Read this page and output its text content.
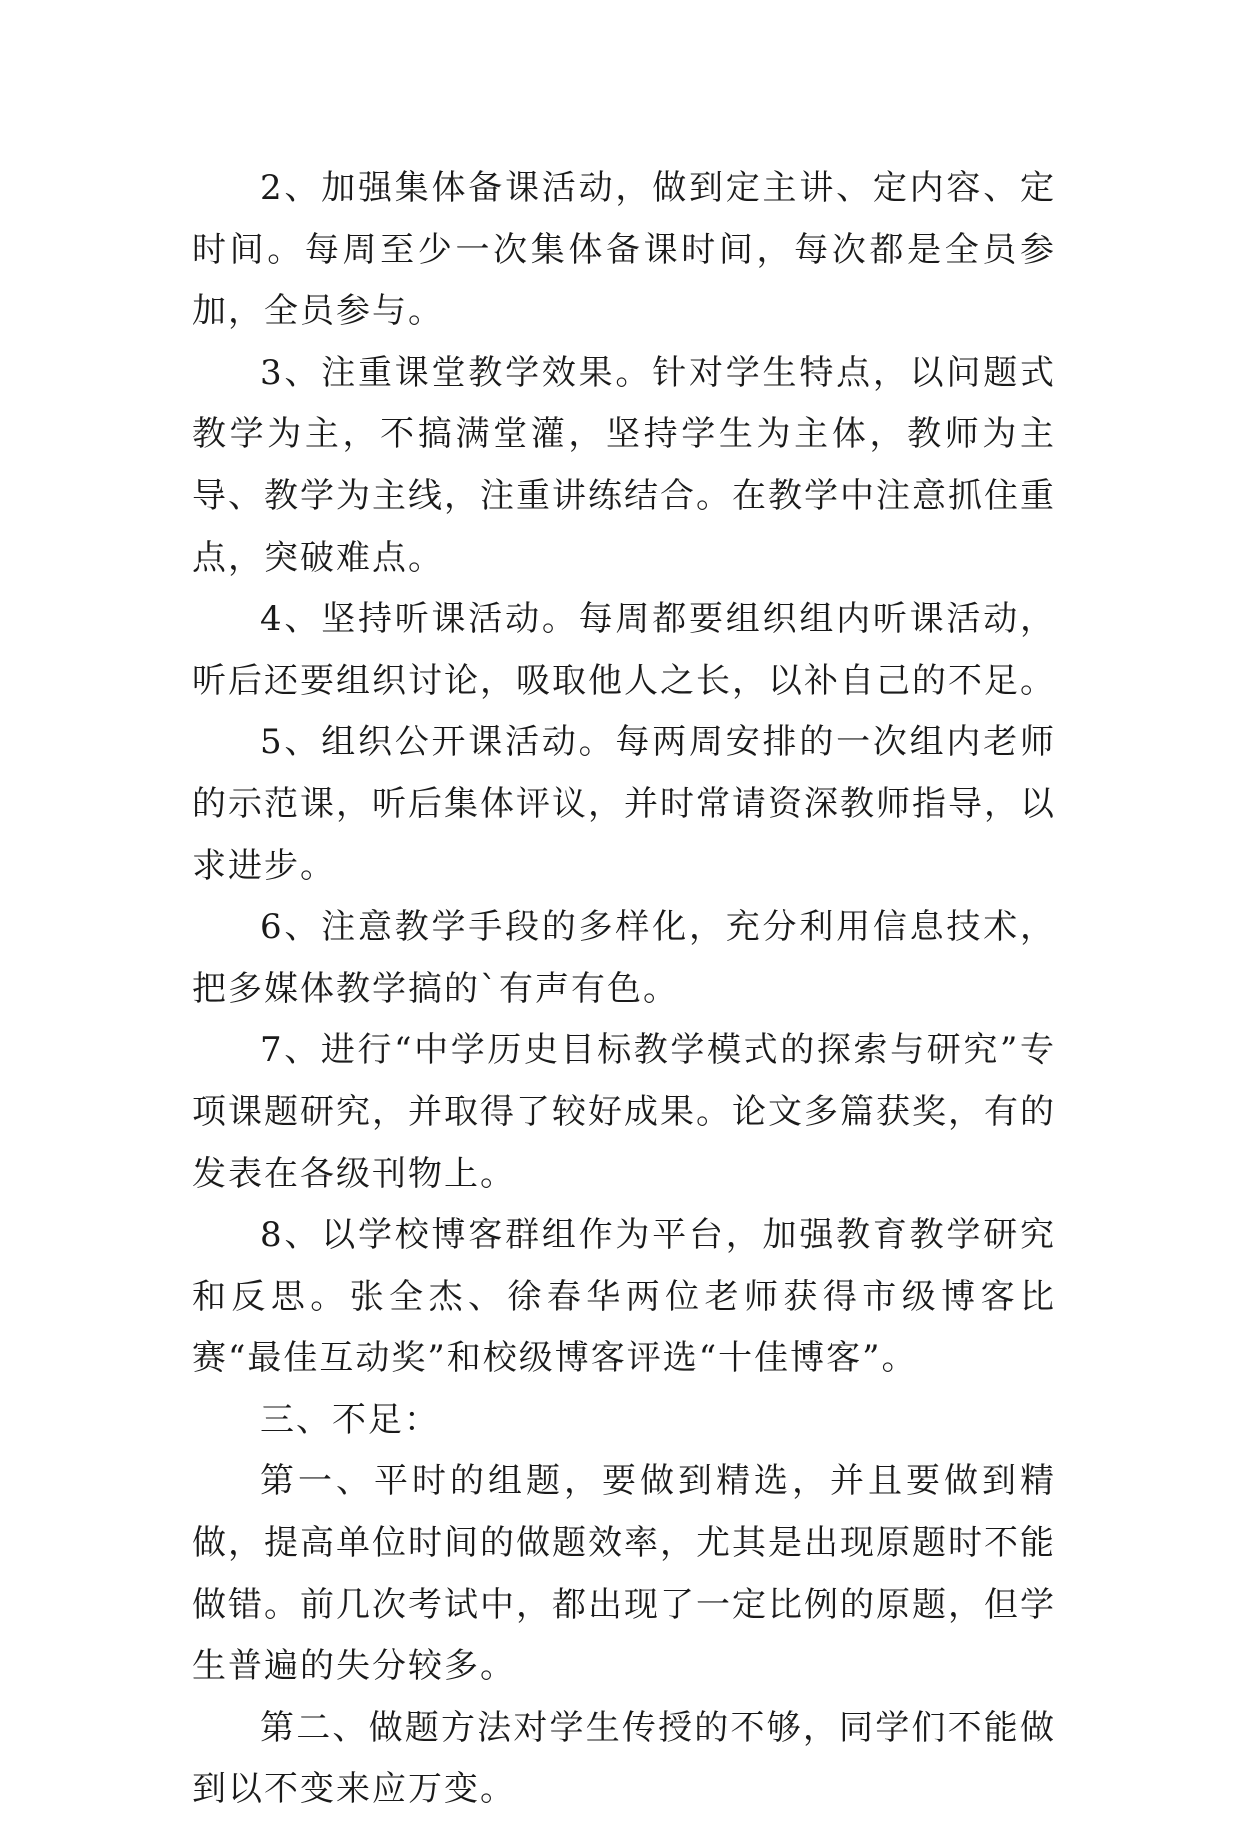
2、加强集体备课活动，做到定主讲、定内容、定时间。每周至少一次集体备课时间，每次都是全员参加，全员参与。

3、注重课堂教学效果。针对学生特点，以问题式教学为主，不搞满堂灌，坚持学生为主体，教师为主导、教学为主线，注重讲练结合。在教学中注意抓住重点，突破难点。

4、坚持听课活动。每周都要组织组内听课活动，听后还要组织讨论，吸取他人之长，以补自己的不足。

5、组织公开课活动。每两周安排的一次组内老师的示范课，听后集体评议，并时常请资深教师指导，以求进步。

6、注意教学手段的多样化，充分利用信息技术，把多媒体教学搞的`有声有色。

7、进行“中学历史目标教学模式的探索与研究”专项课题研究，并取得了较好成果。论文多篇获奖，有的发表在各级刊物上。

8、以学校博客群组作为平台，加强教育教学研究和反思。张全杰、徐春华两位老师获得市级博客比赛“最佳互动奖”和校级博客评选“十佳博客”。

三、不足：

第一、平时的组题，要做到精选，并且要做到精做，提高单位时间的做题效率，尤其是出现原题时不能做错。前几次考试中，都出现了一定比例的原题，但学生普遍的失分较多。

第二、做题方法对学生传授的不够，同学们不能做到以不变来应万变。
